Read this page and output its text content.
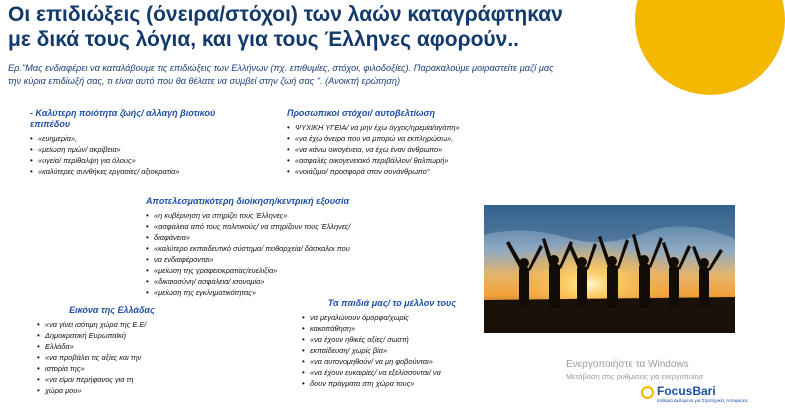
Οι επιδιώξεις (όνειρα/στόχοι) των λαών καταγράφτηκαν
με δικά τους λόγια, και για τους Έλληνες αφορούν..
Ερ."Μας ενδιαφέρει να καταλάβουμε τις επιδιώξεις των Ελλήνων (πχ. επιθυμίες, στόχοι, φιλοδοξίες). Παρακαλούμε μοιραστείτε μαζί μας
την κύρια επιδίωξή σας, τι είναι αυτό που θα θέλατε να συμβεί στην ζωή σας ". (Ανοικτή ερώτηση)
- Καλύτερη ποιότητα ζωής/ αλλαγή βιοτικού
επιπέδου
• «ευημερία»,
• «μείωση τιμών/ ακρίβεια»
• «υγεία/ περίθαλψη για όλους»
• «καλύτερες συνθήκες εργασίες/ αξιοκρατία»
Προσωπικοί στόχοι/ αυτοβελτίωση
• ΨΥΧΙΚΗ ΥΓΕΙΑ/ να μην έχω άγχος/ηρεμία/αγάπη»
• «να έχω όνειρα που να μπορώ να εκπληρώσω»,
• «να κάνω οικογένεια, να έχω έναν άνθρωπο»
• «ασφαλές οικογενειακό περιβάλλον/ θαλπωρή»
• «νοιάζιμο/ προσφορά στον συνάνθρωπο"
Αποτελεσματικότερη διοίκηση/κεντρική εξουσία
• «η κυβέρνηση να στηρίζει τους Έλληνες»
• «ασφάλεια από τους πολιτικούς/ να στηρίζουν τους Έλληνες/
• διαφάνεια»
• «καλύτερο εκπαιδευτικό σύστημα/ πειθαρχεία/ δάσκαλοι που
• να ενδιαφέρονται»
• «μείωση της γραφειοκρατίας/ευελιξία»
• «δικαιοσύνη/ ασφάλεια/ ισονομία»
• «μείωση της εγκληματικότητας»
Εικόνα της Ελλάδας
• «να γίνει ισότιμη χώρα της Ε.Ε/
• Δημοκρατική Ευρωπαϊκή
• Ελλάδα»
• «να προβάλει τις αξίες και την
• ιστορία της»
• «να είμαι περήφανος για τη
• χώρα μου»
Τα παιδιά μας/ το μέλλον τους
• να μεγαλώνουν όμορφα/χωρίς
• κακοπάθηση»
• «να έχουν ηθικές αξίες/ σωστή
• εκπαίδευση/ χωρίς βία»
• «να αυτονομηθούν/ να μη φοβούνται»
• «να έχουν ευκαιρίες/ να εξελίσσονται/ να
• δουν πράγματα στη χώρα τους»
Ενεργοποιήστε τα Windows
Μετάβαση στις ρυθμίσεις για ενεργοποίησ
FocusBari
Καθαρά Δεδομένα για Στρατηγικές Αποφάσεις
